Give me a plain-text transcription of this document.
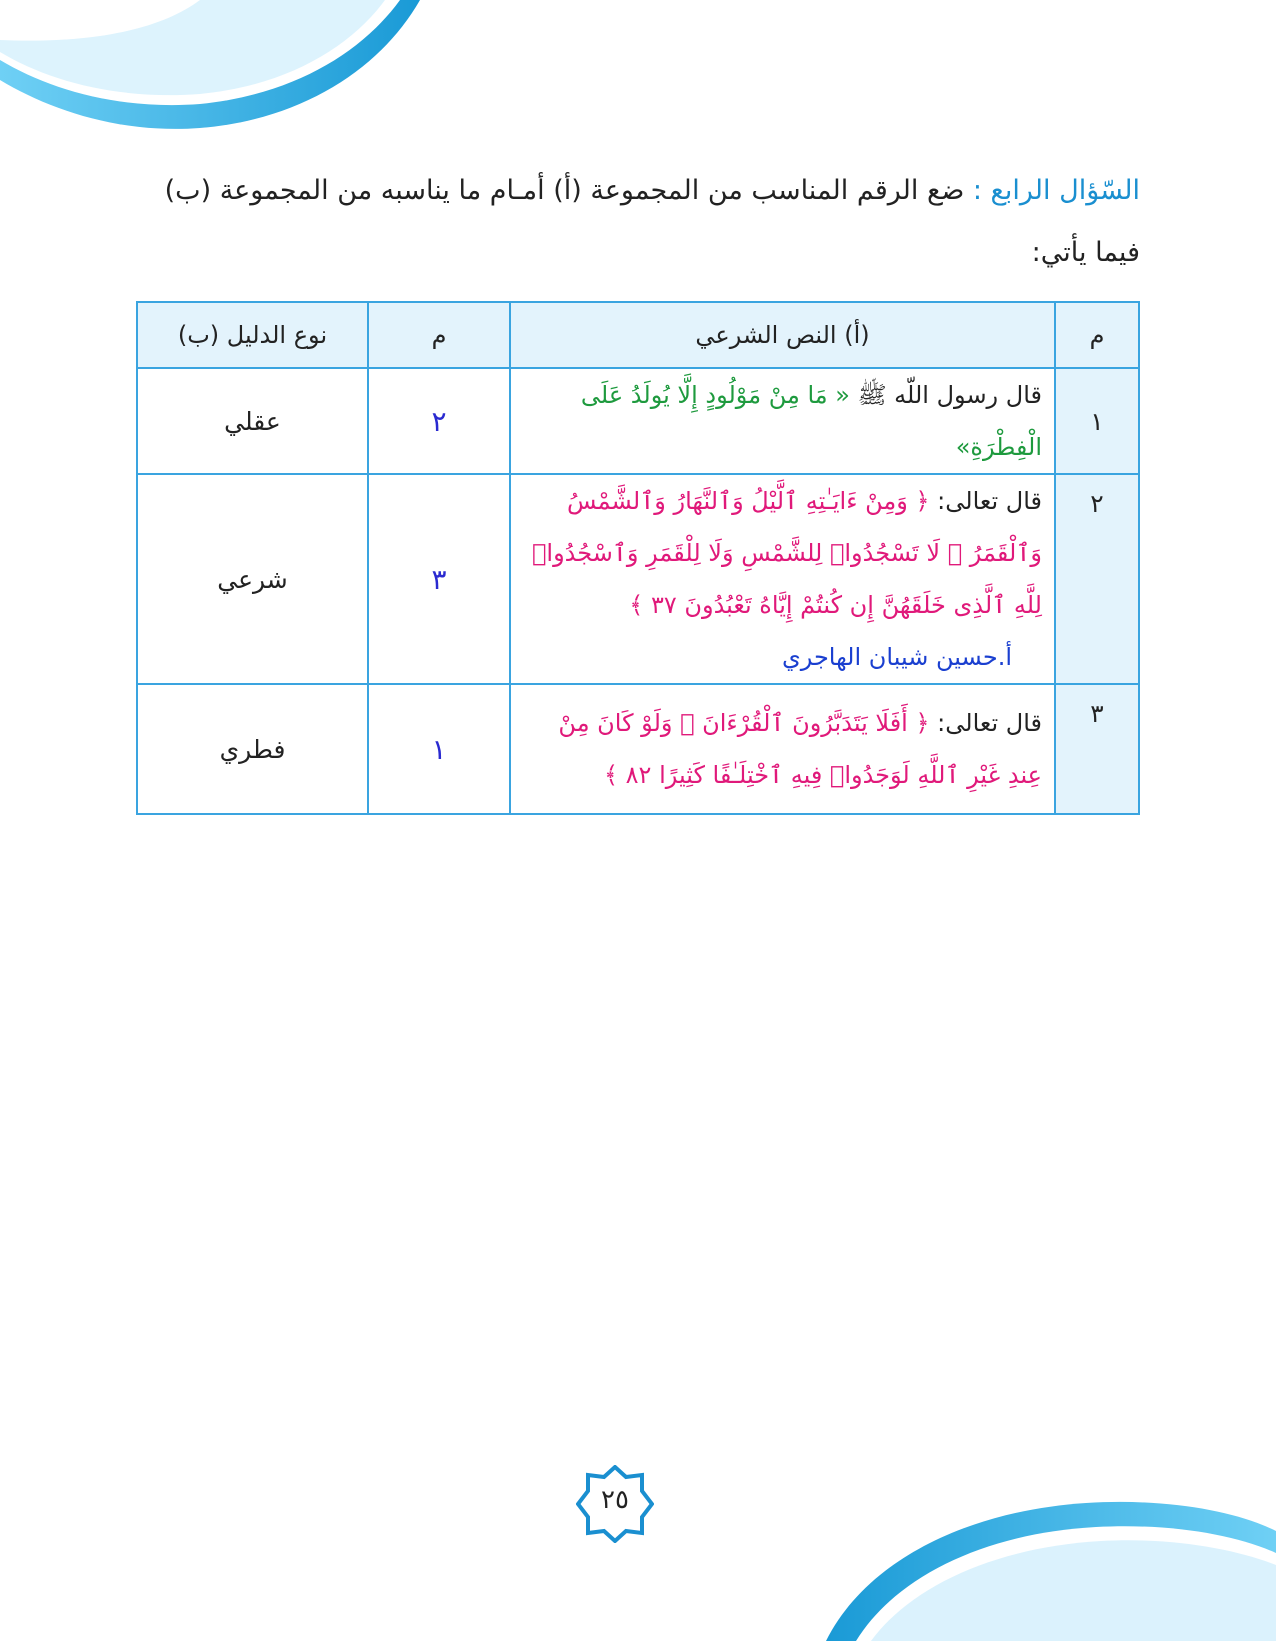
السّؤال الرابع : ضع الرقم المناسب من المجموعة (أ) أمـام ما يناسبه من المجموعة (ب) فيما يأتي:
م	(أ) النص الشرعي	م	نوع الدليل (ب)
١	قال رسول اللّه ﷺ « مَا مِنْ مَوْلُودٍ إِلَّا يُولَدُ عَلَى الْفِطْرَةِ»	٢	عقلي
٢	قال تعالى: ﴿ وَمِنْ ءَايَـٰتِهِ ٱلَّيْلُ وَٱلنَّهَارُ وَٱلشَّمْسُ وَٱلْقَمَرُ ۚ لَا تَسْجُدُوا۟ لِلشَّمْسِ وَلَا لِلْقَمَرِ وَٱسْجُدُوا۟ لِلَّهِ ٱلَّذِى خَلَقَهُنَّ إِن كُنتُمْ إِيَّاهُ تَعْبُدُونَ ٣٧ ﴾ أ.حسين شيبان الهاجري	٣	شرعي
٣	قال تعالى: ﴿ أَفَلَا يَتَدَبَّرُونَ ٱلْقُرْءَانَ ۚ وَلَوْ كَانَ مِنْ عِندِ غَيْرِ ٱللَّهِ لَوَجَدُوا۟ فِيهِ ٱخْتِلَـٰفًا كَثِيرًا ٨٢ ﴾	١	فطري
٢٥
